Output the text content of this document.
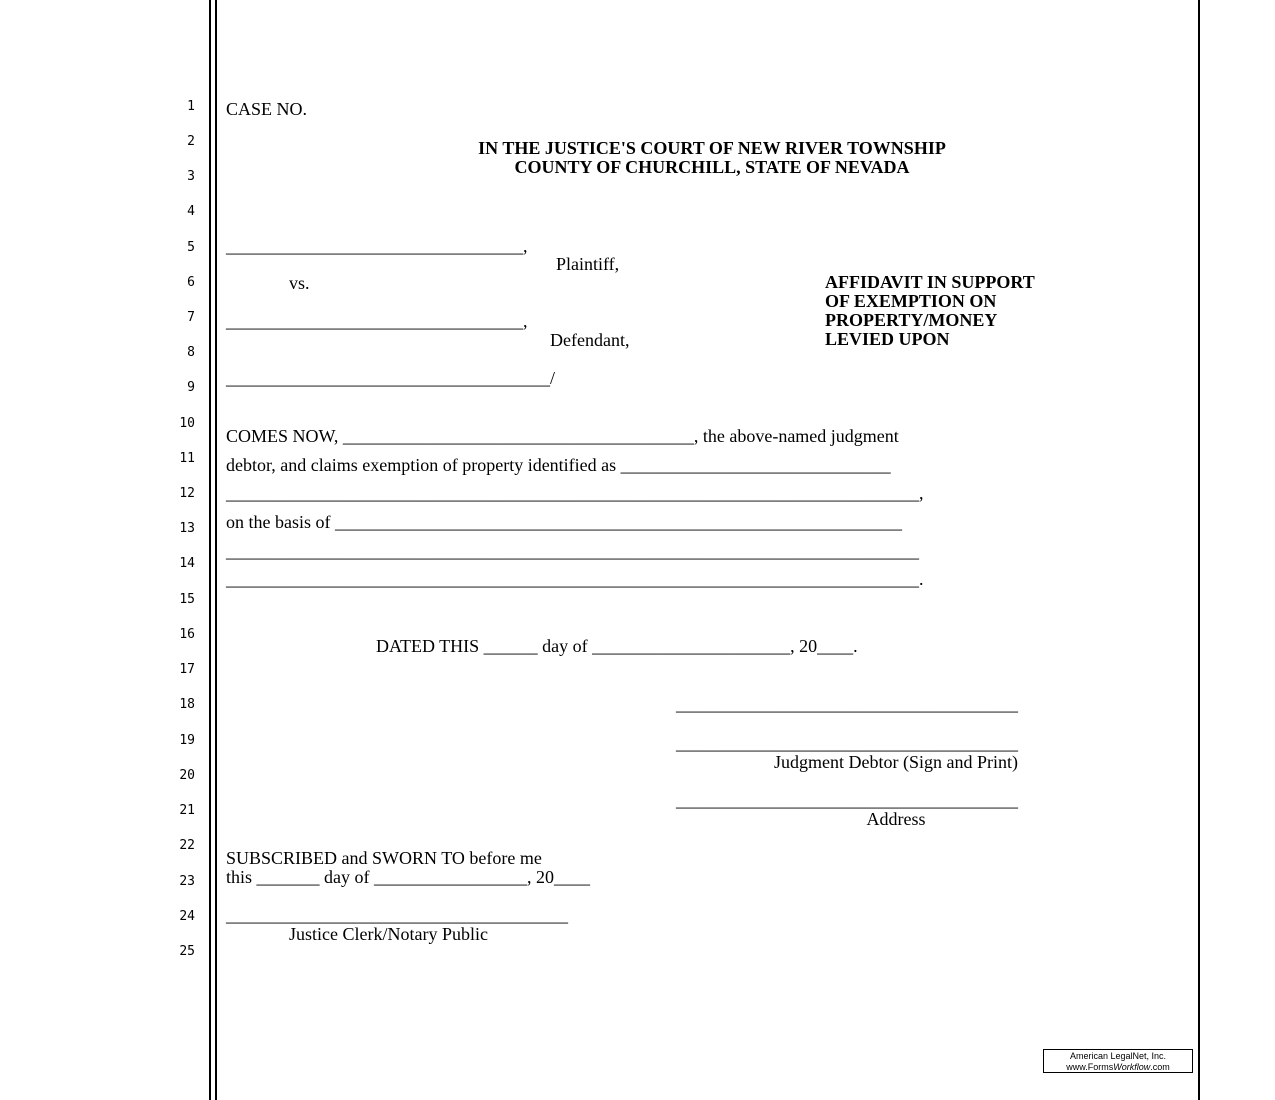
1
2
3
4
5
6
7
8
9
10
11
12
13
14
15
16
17
18
19
20
21
22
23
24
25
CASE NO.
IN THE JUSTICE'S COURT OF NEW RIVER TOWNSHIP
COUNTY OF CHURCHILL, STATE OF NEVADA
_________________________________,
Plaintiff,
vs.
_________________________________,
Defendant,
____________________________________/
AFFIDAVIT IN SUPPORT
OF EXEMPTION ON
PROPERTY/MONEY
LEVIED UPON
COMES NOW, _______________________________________, the above-named judgment
debtor, and claims exemption of property identified as ______________________________
_____________________________________________________________________________,
on the basis of _______________________________________________________________
_____________________________________________________________________________
_____________________________________________________________________________.
DATED THIS ______ day of ______________________, 20____.
______________________________________
______________________________________
Judgment Debtor (Sign and Print)
______________________________________
Address
SUBSCRIBED and SWORN TO before me
this _______ day of _________________, 20____
______________________________________
Justice Clerk/Notary Public
American LegalNet, Inc.
www.FormsWorkflow.com
